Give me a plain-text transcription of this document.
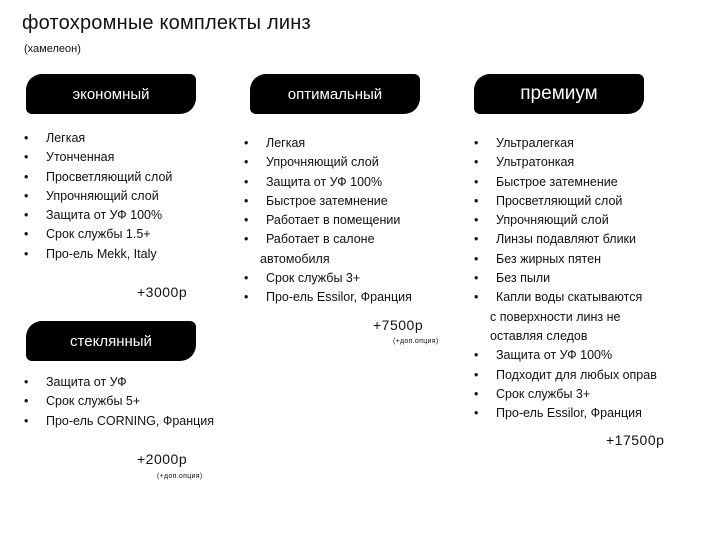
фотохромные комплекты линз
(хамелеон)
экономный
• Легкая
• Утонченная
• Просветляющий слой
• Упрочняющий слой
• Защита от УФ 100%
• Срок службы 1.5+
• Про-ель Mekk, Italy
+3000р
оптимальный
• Легкая
• Упрочняющий слой
• Защита от УФ 100%
• Быстрое затемнение
• Работает в помещении
• Работает в салоне
автомобиля
• Срок службы 3+
• Про-ель Essilor, Франция
+7500р
(+доп.опция)
премиум
• Ультралегкая
• Ультратонкая
• Быстрое затемнение
• Просветляющий слой
• Упрочняющий слой
• Линзы подавляют блики
• Без жирных пятен
• Без пыли
• Капли воды скатываются
с поверхности линз не
оставляя следов
• Защита от УФ 100%
• Подходит для любых оправ
• Срок службы 3+
• Про-ель Essilor, Франция
+17500р
стеклянный
• Защита от УФ
• Срок службы 5+
• Про-ель CORNING, Франция
+2000р
(+доп.опция)
